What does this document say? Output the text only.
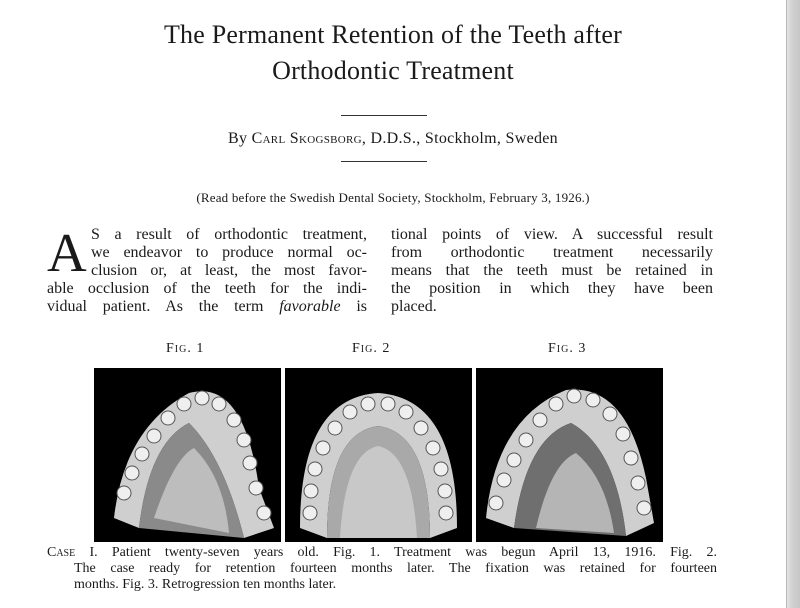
The Permanent Retention of the Teeth after
Orthodontic Treatment
By Carl Skogsborg, D.D.S., Stockholm, Sweden
(Read before the Swedish Dental Society, Stockholm, February 3, 1926.)
A S a result of orthodontic treatment,
we endeavor to produce normal oc-
clusion or, at least, the most favor-
able occlusion of the teeth for the indi-
vidual patient. As the term favorable is
tional points of view. A successful result
from orthodontic treatment necessarily
means that the teeth must be retained in
the position in which they have been
placed.
Fig. 1	Fig. 2	Fig. 3
Case I. Patient twenty-seven years old. Fig. 1. Treatment was begun April 13, 1916. Fig. 2.
The case ready for retention fourteen months later. The fixation was retained for fourteen
months. Fig. 3. Retrogression ten months later.
